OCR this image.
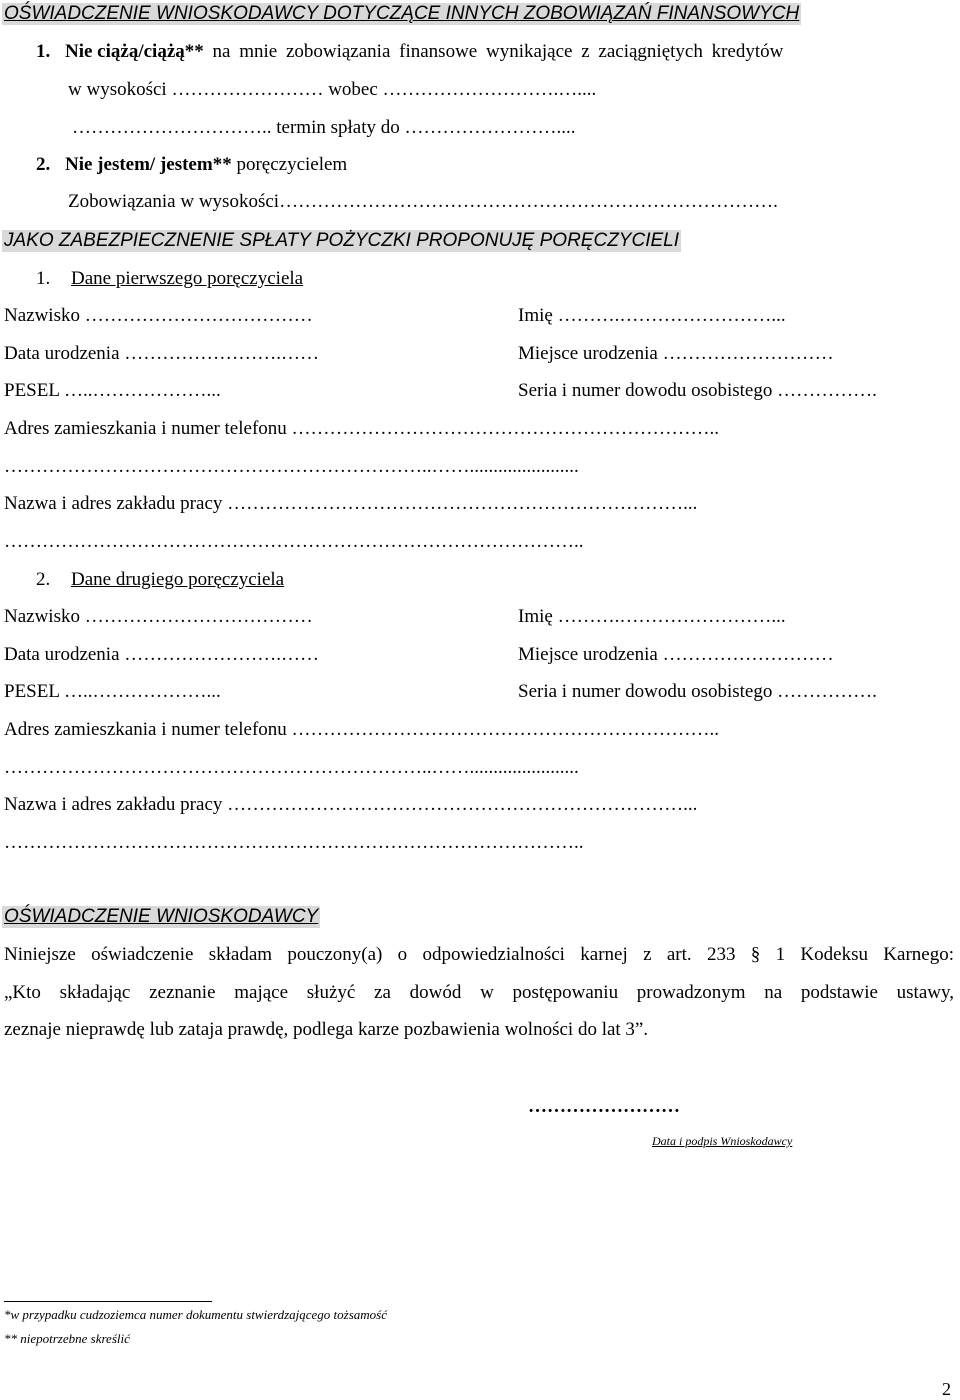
OŚWIADCZENIE WNIOSKODAWCY DOTYCZĄCE INNYCH ZOBOWIĄZAŃ FINANSOWYCH
1. Nie ciążą/ciążą** na mnie zobowiązania finansowe wynikające z zaciągniętych kredytów
w wysokości …………………… wobec ……………………….…....
………………………….. termin spłaty do ……………………....
2. Nie jestem/ jestem** poręczycielem
Zobowiązania w wysokości…………………………………………………………………….
JAKO ZABEZPIECZNENIE SPŁATY POŻYCZKI PROPONUJĘ PORĘCZYCIELI
1. Dane pierwszego poręczyciela
Nazwisko ………………………………	Imię ……….……………………...
Data urodzenia …………………….……	Miejsce urodzenia ………………………
PESEL …..………………...	Seria i numer dowodu osobistego …………….
Adres zamieszkania i numer telefonu …………………………………………………………..
…………………………………………………………..…….......................
Nazwa i adres zakładu pracy ………………………………………………………………...
………………………………………………………………………………..
2. Dane drugiego poręczyciela
Nazwisko ………………………………	Imię ……….……………………...
Data urodzenia …………………….……	Miejsce urodzenia ………………………
PESEL …..………………...	Seria i numer dowodu osobistego …………….
Adres zamieszkania i numer telefonu …………………………………………………………..
…………………………………………………………..…….......................
Nazwa i adres zakładu pracy ………………………………………………………………...
………………………………………………………………………………..
OŚWIADCZENIE WNIOSKODAWCY
Niniejsze oświadczenie składam pouczony(a) o odpowiedzialności karnej z art. 233 § 1 Kodeksu Karnego:
„Kto składając zeznanie mające służyć za dowód w postępowaniu prowadzonym na podstawie ustawy,
zeznaje nieprawdę lub zataja prawdę, podlega karze pozbawienia wolności do lat 3”.
……………………
Data i podpis Wnioskodawcy
*w przypadku cudzoziemca numer dokumentu stwierdzającego tożsamość
** niepotrzebne skreślić
2
